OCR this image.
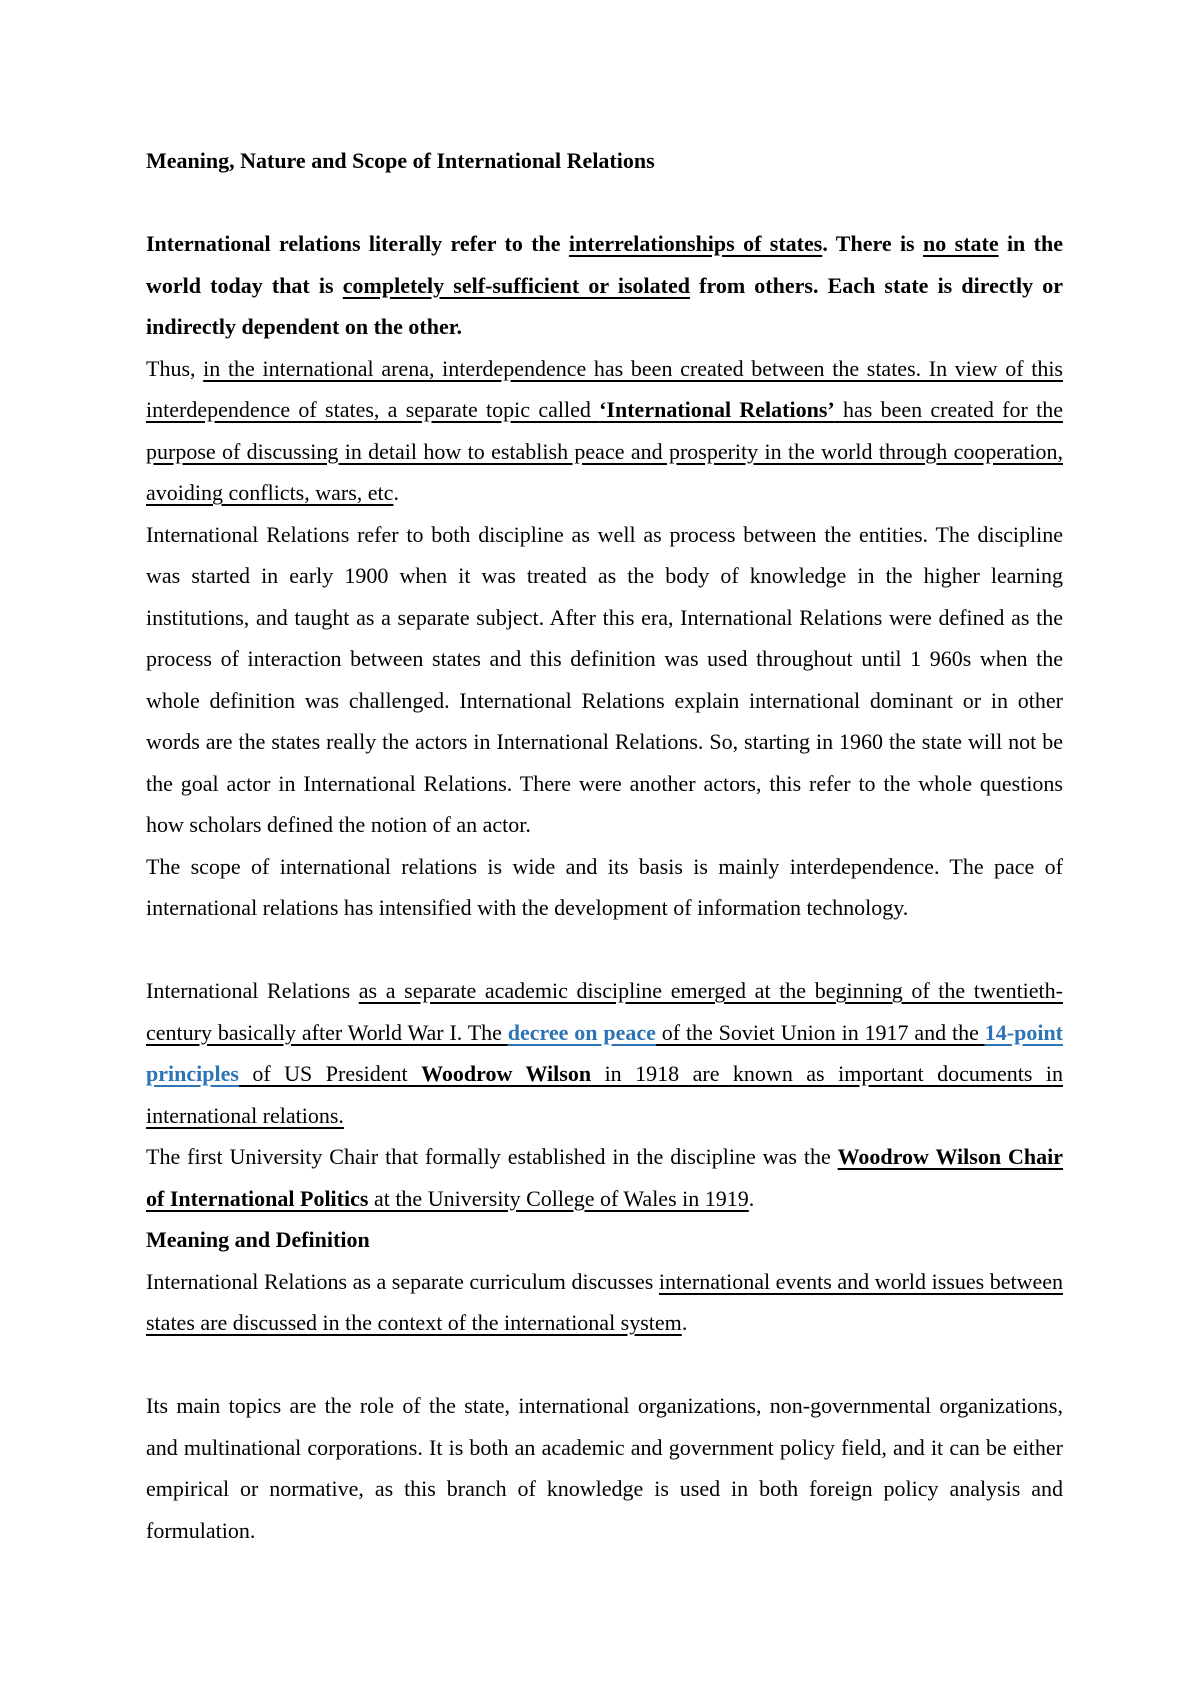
Meaning, Nature and Scope of International Relations

International relations literally refer to the interrelationships of states. There is no state in the world today that is completely self-sufficient or isolated from others. Each state is directly or indirectly dependent on the other.

Thus, in the international arena, interdependence has been created between the states. In view of this interdependence of states, a separate topic called ‘International Relations’ has been created for the purpose of discussing in detail how to establish peace and prosperity in the world through cooperation, avoiding conflicts, wars, etc.

International Relations refer to both discipline as well as process between the entities. The discipline was started in early 1900 when it was treated as the body of knowledge in the higher learning institutions, and taught as a separate subject. After this era, International Relations were defined as the process of interaction between states and this definition was used throughout until 1 960s when the whole definition was challenged. International Relations explain international dominant or in other words are the states really the actors in International Relations. So, starting in 1960 the state will not be the goal actor in International Relations. There were another actors, this refer to the whole questions how scholars defined the notion of an actor.

The scope of international relations is wide and its basis is mainly interdependence. The pace of international relations has intensified with the development of information technology.

International Relations as a separate academic discipline emerged at the beginning of the twentieth-century basically after World War I. The decree on peace of the Soviet Union in 1917 and the 14-point principles of US President Woodrow Wilson in 1918 are known as important documents in international relations.

The first University Chair that formally established in the discipline was the Woodrow Wilson Chair of International Politics at the University College of Wales in 1919.

Meaning and Definition

International Relations as a separate curriculum discusses international events and world issues between states are discussed in the context of the international system.

Its main topics are the role of the state, international organizations, non-governmental organizations, and multinational corporations. It is both an academic and government policy field, and it can be either empirical or normative, as this branch of knowledge is used in both foreign policy analysis and formulation.
